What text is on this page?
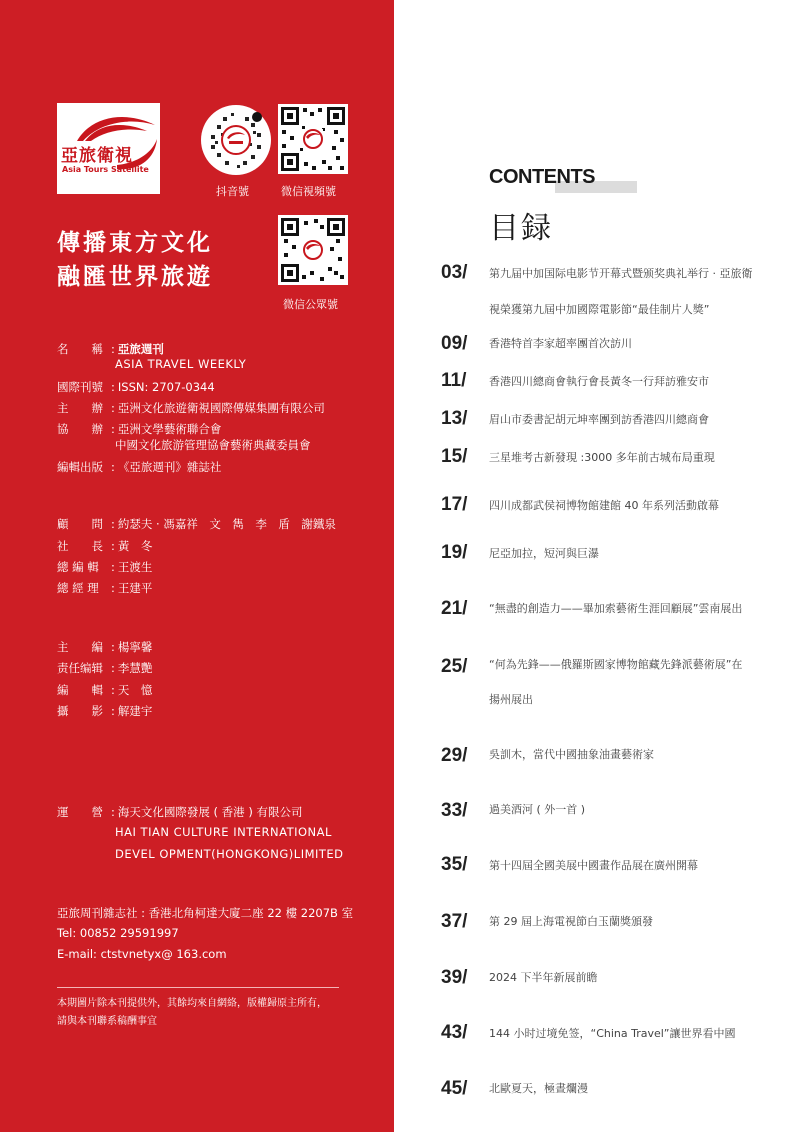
亞旅衛視
Asia Tours Satellite
抖音號	微信視頻號
微信公眾號
傳播東方文化
融匯世界旅遊
名　　稱 : 亞旅週刊
ASIA TRAVEL WEEKLY
國際刊號 : ISSN: 2707-0344
主　　辦 : 亞洲文化旅遊衛視國際傳媒集團有限公司
協　　辦 : 亞洲文學藝術聯合會
中國文化旅游管理協會藝術典藏委員會
編輯出版 : 《亞旅週刊》雜誌社
顧　　問 : 約瑟夫 · 馮嘉祥　文　雋　李　盾　謝鐵泉
社　　長 : 黃　冬
總 編 輯 : 王渡生
總 經 理 : 王建平
主　　編 : 楊寧馨
责任编辑 : 李慧艷
編　　輯 : 天　憶
攝　　影 : 解建宇
運　　營 : 海天文化國際發展 ( 香港 ) 有限公司
HAI TIAN CULTURE INTERNATIONAL
DEVEL OPMENT(HONGKONG)LIMITED
亞旅周刊雜志社 : 香港北角柯達大廈二座 22 樓 2207B 室
Tel: 00852 29591997
E-mail: ctstvnetyx@ 163.com
本期圖片除本刊提供外，其餘均來自網絡，版權歸原主所有，
請與本刊聯系稿酬事宜
CONTENTS
目録
03/	第九届中加国际电影节开幕式暨颁奖典礼举行 · 亞旅衛
視榮獲第九屆中加國際電影節“最佳制片人獎”
09/	香港特首李家超率團首次訪川
11/	香港四川總商會執行會長黃冬一行拜訪雅安市
13/	眉山市委書記胡元坤率團到訪香港四川總商會
15/	三星堆考古新發現 :3000 多年前古城布局重現
17/	四川成都武侯祠博物館建館 40 年系列活動啟幕
19/	尼亞加拉，短河與巨瀑
21/	“無盡的創造力——畢加索藝術生涯回顧展”雲南展出
25/	“何為先鋒——俄羅斯國家博物館藏先鋒派藝術展”在
揚州展出
29/	吳訓木，當代中國抽象油畫藝術家
33/	過美酒河 ( 外一首 )
35/	第十四屆全國美展中國畫作品展在廣州開幕
37/	第 29 屆上海電視節白玉蘭獎頒發
39/	2024 下半年新展前瞻
43/	144 小时过境免签，“China Travel”讓世界看中國
45/	北歐夏天，極晝爛漫
